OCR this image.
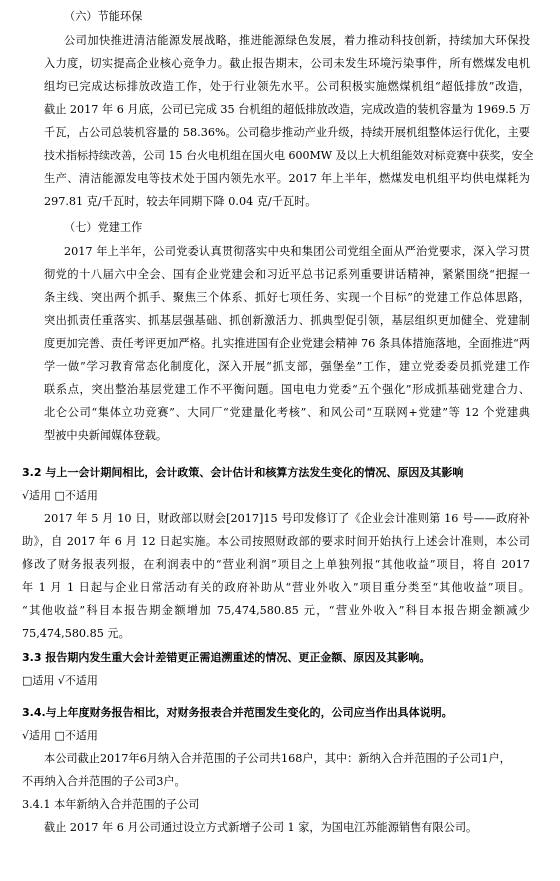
（六）节能环保
公司加快推进清洁能源发展战略，推进能源绿色发展，着力推动科技创新，持续加大环保投
入力度，切实提高企业核心竞争力。截止报告期末，公司未发生环境污染事件，所有燃煤发电机
组均已完成达标排放改造工作，处于行业领先水平。公司积极实施燃煤机组“超低排放”改造，
截止 2017 年 6 月底，公司已完成 35 台机组的超低排放改造，完成改造的装机容量为 1969.5 万
千瓦，占公司总装机容量的 58.36%。公司稳步推动产业升级，持续开展机组整体运行优化，主要
技术指标持续改善，公司 15 台火电机组在国火电 600MW 及以上大机组能效对标竞赛中获奖，安全
生产、清洁能源发电等技术处于国内领先水平。2017 年上半年，燃煤发电机组平均供电煤耗为
297.81 克/千瓦时，较去年同期下降 0.04 克/千瓦时。
（七）党建工作
2017 年上半年，公司党委认真贯彻落实中央和集团公司党组全面从严治党要求，深入学习贯
彻党的十八届六中全会、国有企业党建会和习近平总书记系列重要讲话精神，紧紧围绕“把握一
条主线、突出两个抓手、聚焦三个体系、抓好七项任务、实现一个目标”的党建工作总体思路，
突出抓责任重落实、抓基层强基础、抓创新激活力、抓典型促引领，基层组织更加健全、党建制
度更加完善、责任考评更加严格。扎实推进国有企业党建会精神 76 条具体措施落地，全面推进“两
学一做”学习教育常态化制度化，深入开展“抓支部，强堡垒”工作，建立党委委员抓党建工作
联系点，突出整治基层党建工作不平衡问题。国电电力党委“五个强化”形成抓基础党建合力、
北仑公司“集体立功竞赛”、大同厂“党建量化考核”、和风公司“互联网+党建”等 12 个党建典
型被中央新闻媒体登载。
3.2 与上一会计期间相比，会计政策、会计估计和核算方法发生变化的情况、原因及其影响
√适用 □不适用
2017 年 5 月 10 日，财政部以财会[2017]15 号印发修订了《企业会计准则第 16 号——政府补
助》，自 2017 年 6 月 12 日起实施。本公司按照财政部的要求时间开始执行上述会计准则，本公司
修改了财务报表列报，在利润表中的“营业利润”项目之上单独列报“其他收益”项目，将自 2017
年 1 月 1 日起与企业日常活动有关的政府补助从“营业外收入”项目重分类至“其他收益”项目。
“其他收益”科目本报告期金额增加 75,474,580.85 元，“营业外收入”科目本报告期金额减少
75,474,580.85 元。
3.3 报告期内发生重大会计差错更正需追溯重述的情况、更正金额、原因及其影响。
□适用 √不适用
3.4.与上年度财务报告相比，对财务报表合并范围发生变化的，公司应当作出具体说明。
√适用 □不适用
本公司截止2017年6月纳入合并范围的子公司共168户，其中：新纳入合并范围的子公司1户，
不再纳入合并范围的子公司3户。
3.4.1 本年新纳入合并范围的子公司
截止 2017 年 6 月公司通过设立方式新增子公司 1 家，为国电江苏能源销售有限公司。
